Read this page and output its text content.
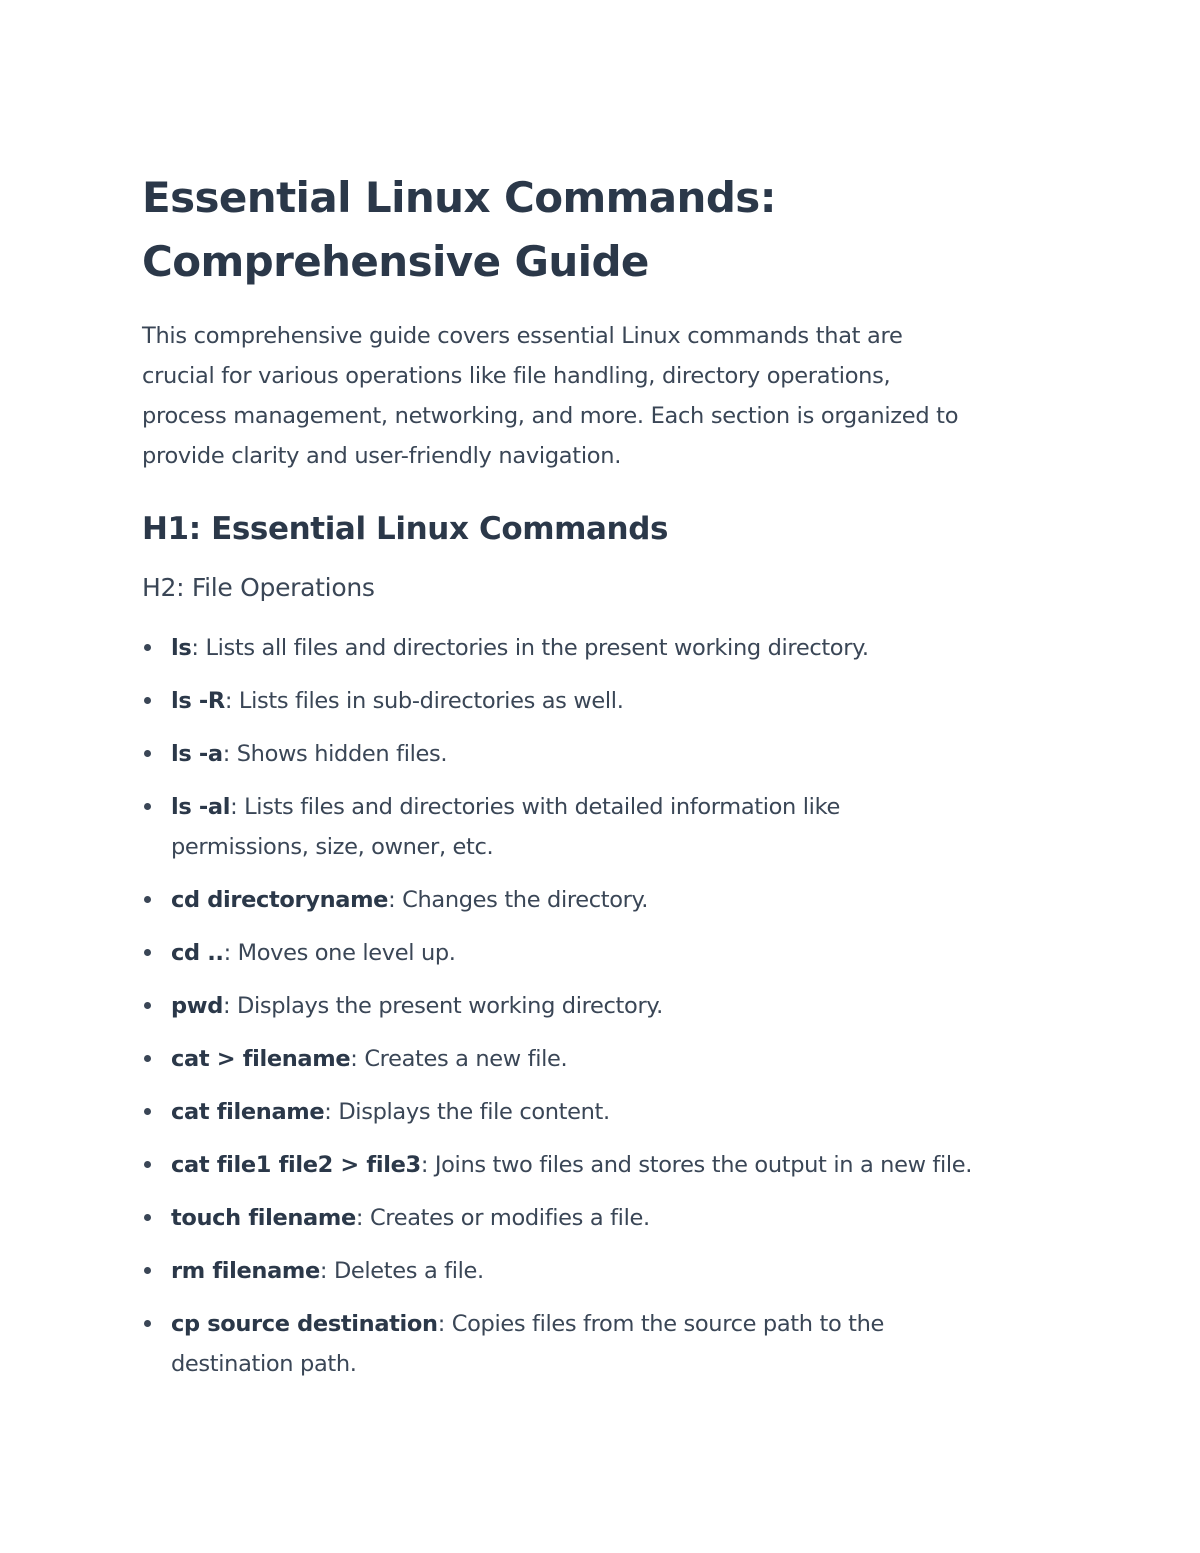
Essential Linux Commands:
Comprehensive Guide

This comprehensive guide covers essential Linux commands that are
crucial for various operations like file handling, directory operations,
process management, networking, and more. Each section is organized to
provide clarity and user-friendly navigation.

H1: Essential Linux Commands
H2: File Operations
ls: Lists all files and directories in the present working directory.
ls -R: Lists files in sub-directories as well.
ls -a: Shows hidden files.
ls -al: Lists files and directories with detailed information like
permissions, size, owner, etc.
cd directoryname: Changes the directory.
cd ..: Moves one level up.
pwd: Displays the present working directory.
cat > filename: Creates a new file.
cat filename: Displays the file content.
cat file1 file2 > file3: Joins two files and stores the output in a new file.
touch filename: Creates or modifies a file.
rm filename: Deletes a file.
cp source destination: Copies files from the source path to the
destination path.
